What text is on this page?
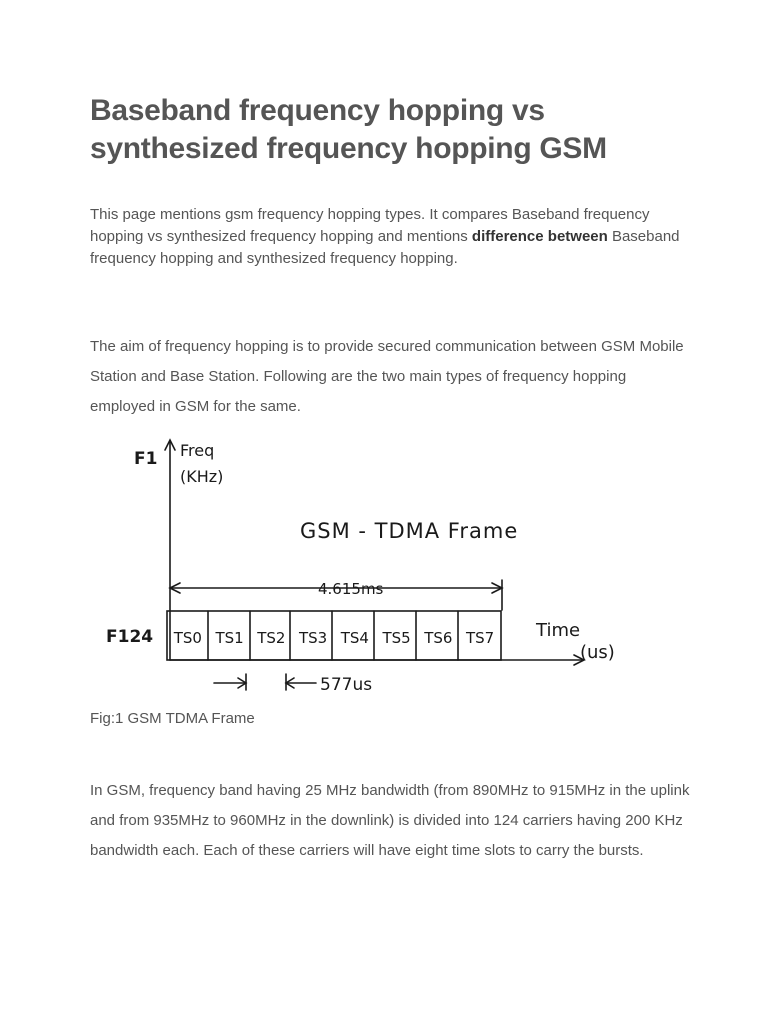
Baseband frequency hopping vs synthesized frequency hopping GSM

This page mentions gsm frequency hopping types. It compares Baseband frequency hopping vs synthesized frequency hopping and mentions difference between Baseband frequency hopping and synthesized frequency hopping.

The aim of frequency hopping is to provide secured communication between GSM Mobile Station and Base Station. Following are the two main types of frequency hopping employed in GSM for the same.

F1 Freq
(KHz)
GSM - TDMA Frame
4.615ms
F124	Time
(us)
577us
TS0 TS1 TS2 TS3 TS4 TS5 TS6 TS7

Fig:1 GSM TDMA Frame

In GSM, frequency band having 25 MHz bandwidth (from 890MHz to 915MHz in the uplink and from 935MHz to 960MHz in the downlink) is divided into 124 carriers having 200 KHz bandwidth each. Each of these carriers will have eight time slots to carry the bursts.
